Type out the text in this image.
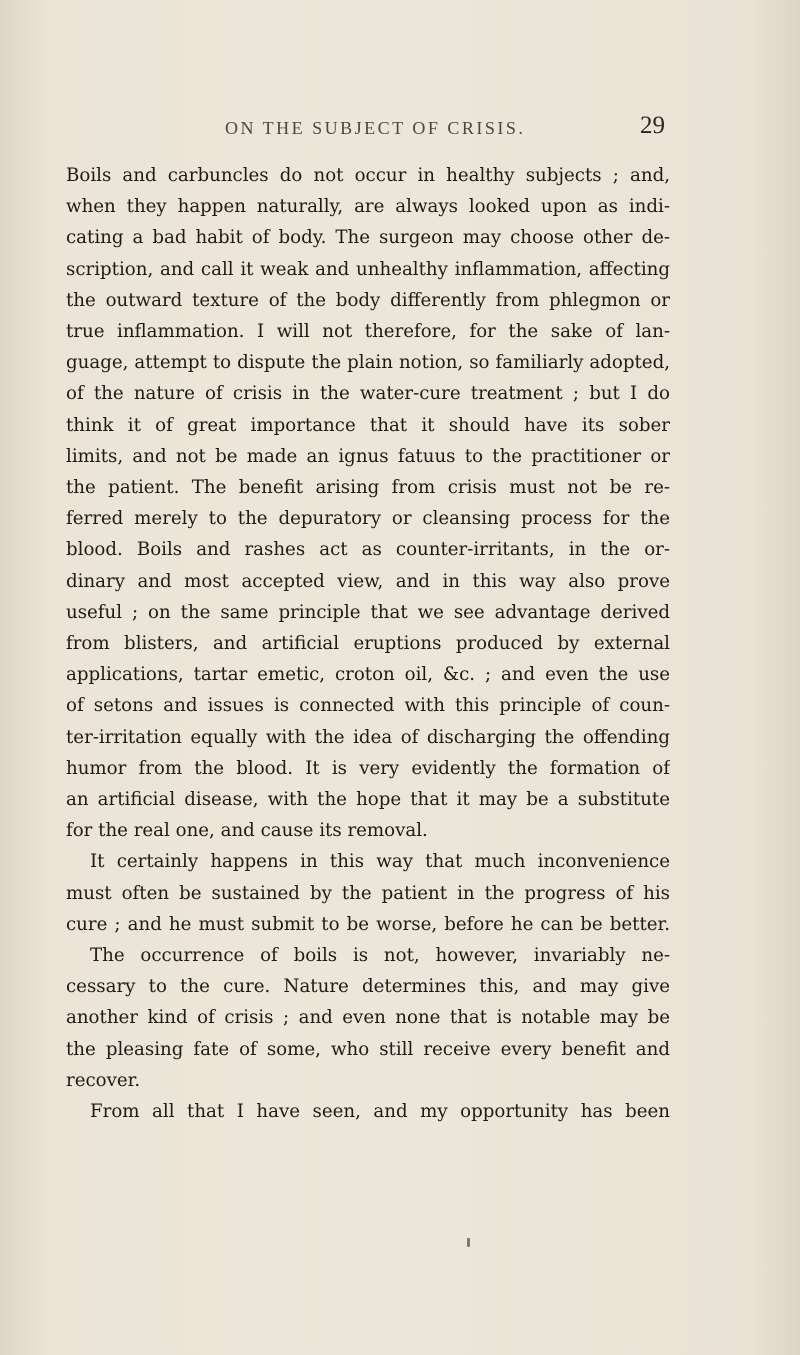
ON THE SUBJECT OF CRISIS.	29
Boils and carbuncles do not occur in healthy subjects ; and,
when they happen naturally, are always looked upon as indi-
cating a bad habit of body. The surgeon may choose other de-
scription, and call it weak and unhealthy inflammation, affecting
the outward texture of the body differently from phlegmon or
true inflammation. I will not therefore, for the sake of lan-
guage, attempt to dispute the plain notion, so familiarly adopted,
of the nature of crisis in the water-cure treatment ; but I do
think it of great importance that it should have its sober
limits, and not be made an ignus fatuus to the practitioner or
the patient. The benefit arising from crisis must not be re-
ferred merely to the depuratory or cleansing process for the
blood. Boils and rashes act as counter-irritants, in the or-
dinary and most accepted view, and in this way also prove
useful ; on the same principle that we see advantage derived
from blisters, and artificial eruptions produced by external
applications, tartar emetic, croton oil, &c. ; and even the use
of setons and issues is connected with this principle of coun-
ter-irritation equally with the idea of discharging the offending
humor from the blood. It is very evidently the formation of
an artificial disease, with the hope that it may be a substitute
for the real one, and cause its removal.
It certainly happens in this way that much inconvenience
must often be sustained by the patient in the progress of his
cure ; and he must submit to be worse, before he can be better.
The occurrence of boils is not, however, invariably ne-
cessary to the cure. Nature determines this, and may give
another kind of crisis ; and even none that is notable may be
the pleasing fate of some, who still receive every benefit and
recover.
From all that I have seen, and my opportunity has been
